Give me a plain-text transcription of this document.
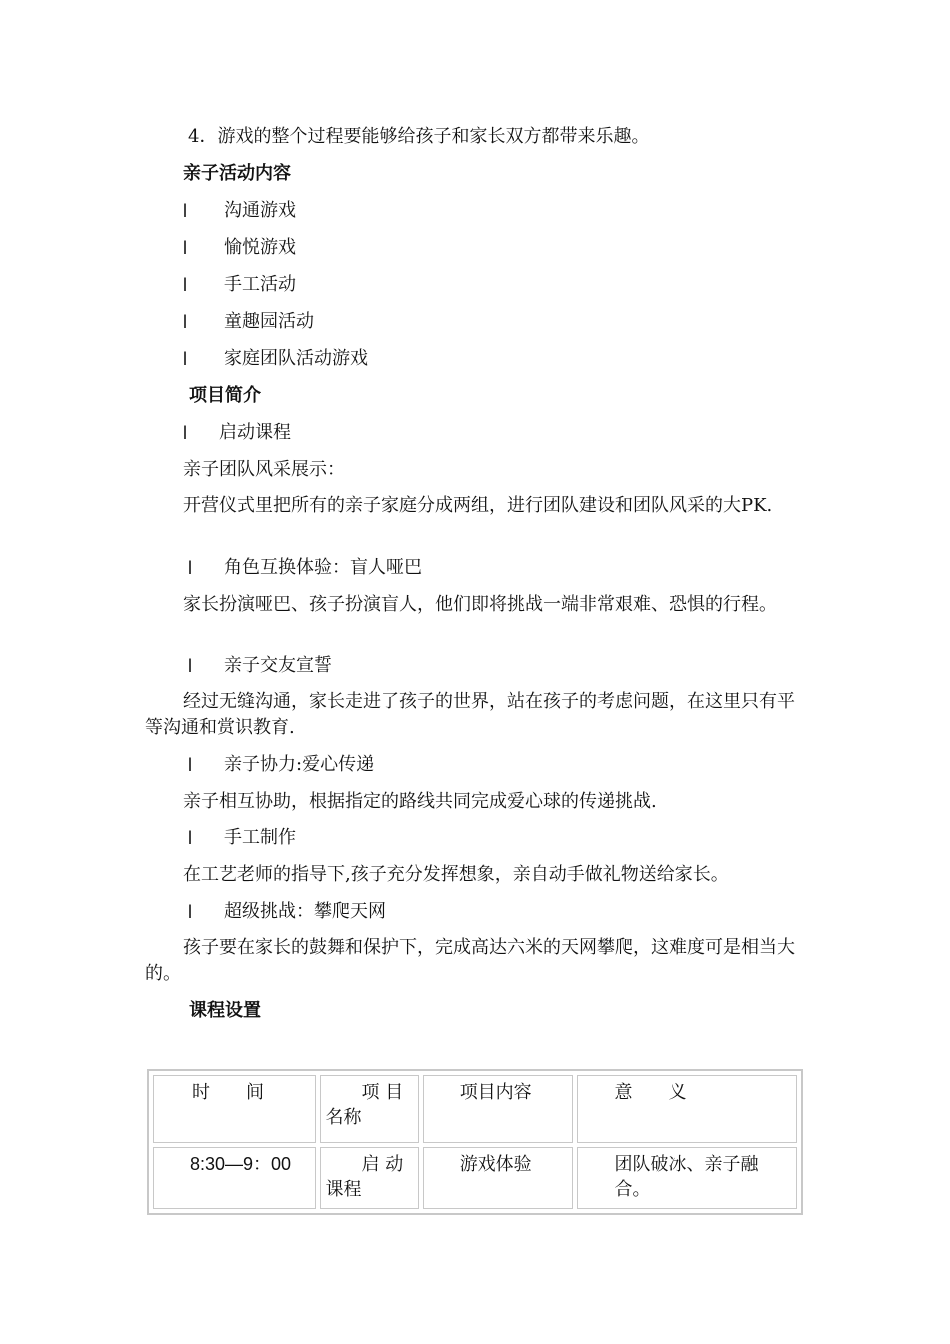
4．游戏的整个过程要能够给孩子和家长双方都带来乐趣。
亲子活动内容
l 沟通游戏
l 愉悦游戏
l 手工活动
l 童趣园活动
l 家庭团队活动游戏
项目简介
l 启动课程
亲子团队风采展示：
开营仪式里把所有的亲子家庭分成两组，进行团队建设和团队风采的大PK.
l 角色互换体验：盲人哑巴
家长扮演哑巴、孩子扮演盲人，他们即将挑战一端非常艰难、恐惧的行程。
l 亲子交友宣誓
经过无缝沟通，家长走进了孩子的世界，站在孩子的考虑问题，在这里只有平等沟通和赏识教育.
l 亲子协力:爱心传递
亲子相互协助，根据指定的路线共同完成爱心球的传递挑战.
l 手工制作
在工艺老师的指导下,孩子充分发挥想象，亲自动手做礼物送给家长。
l 超级挑战：攀爬天网
孩子要在家长的鼓舞和保护下，完成高达六米的天网攀爬，这难度可是相当大的。
课程设置
时　　间	项 目 名称	项目内容	意　　义
8:30—9：00	启 动 课程	游戏体验	团队破冰、亲子融合。
